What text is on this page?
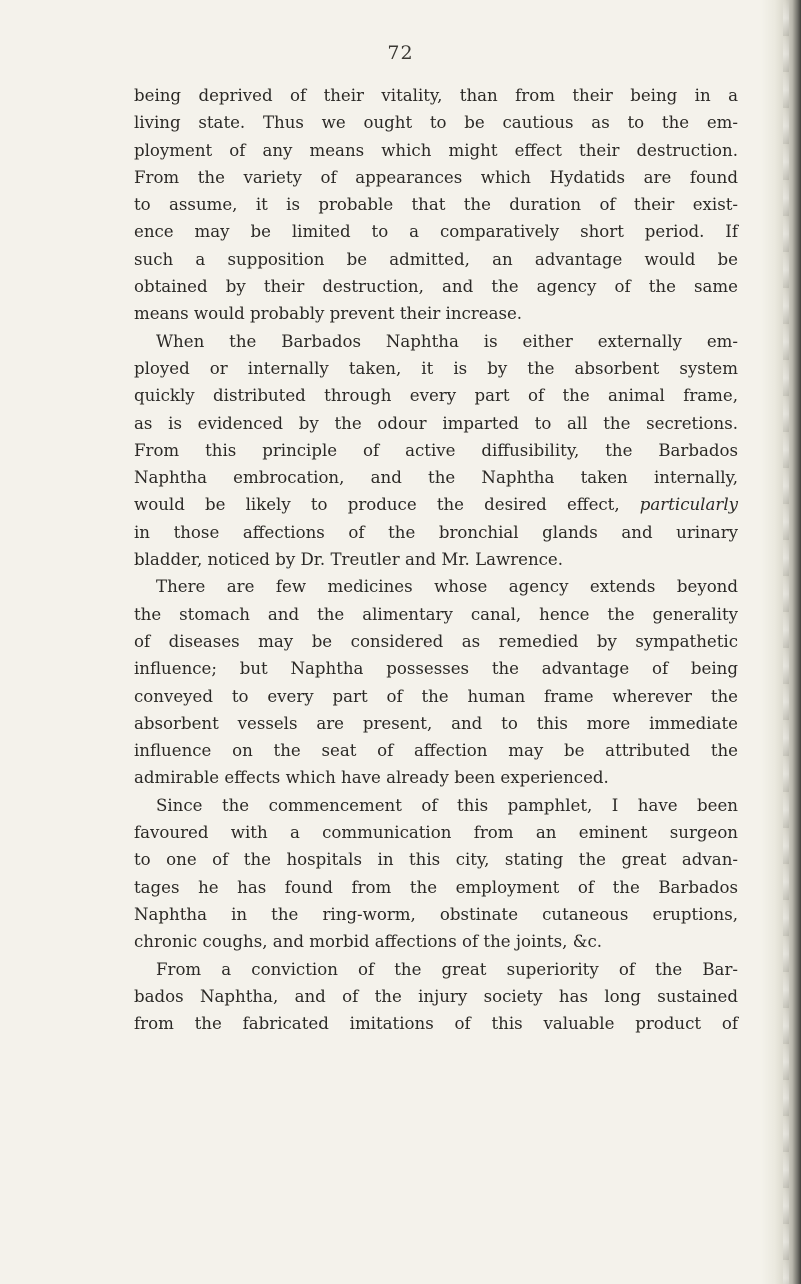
72
being deprived of their vitality, than from their being in a
living state. Thus we ought to be cautious as to the em-
ployment of any means which might effect their destruction.
From the variety of appearances which Hydatids are found
to assume, it is probable that the duration of their exist-
ence may be limited to a comparatively short period. If
such a supposition be admitted, an advantage would be
obtained by their destruction, and the agency of the same
means would probably prevent their increase.
When the Barbados Naphtha is either externally em-
ployed or internally taken, it is by the absorbent system
quickly distributed through every part of the animal frame,
as is evidenced by the odour imparted to all the secretions.
From this principle of active diffusibility, the Barbados
Naphtha embrocation, and the Naphtha taken internally,
would be likely to produce the desired effect, particularly
in those affections of the bronchial glands and urinary
bladder, noticed by Dr. Treutler and Mr. Lawrence.
There are few medicines whose agency extends beyond
the stomach and the alimentary canal, hence the generality
of diseases may be considered as remedied by sympathetic
influence; but Naphtha possesses the advantage of being
conveyed to every part of the human frame wherever the
absorbent vessels are present, and to this more immediate
influence on the seat of affection may be attributed the
admirable effects which have already been experienced.
Since the commencement of this pamphlet, I have been
favoured with a communication from an eminent surgeon
to one of the hospitals in this city, stating the great advan-
tages he has found from the employment of the Barbados
Naphtha in the ring-worm, obstinate cutaneous eruptions,
chronic coughs, and morbid affections of the joints, &c.
From a conviction of the great superiority of the Bar-
bados Naphtha, and of the injury society has long sustained
from the fabricated imitations of this valuable product of
